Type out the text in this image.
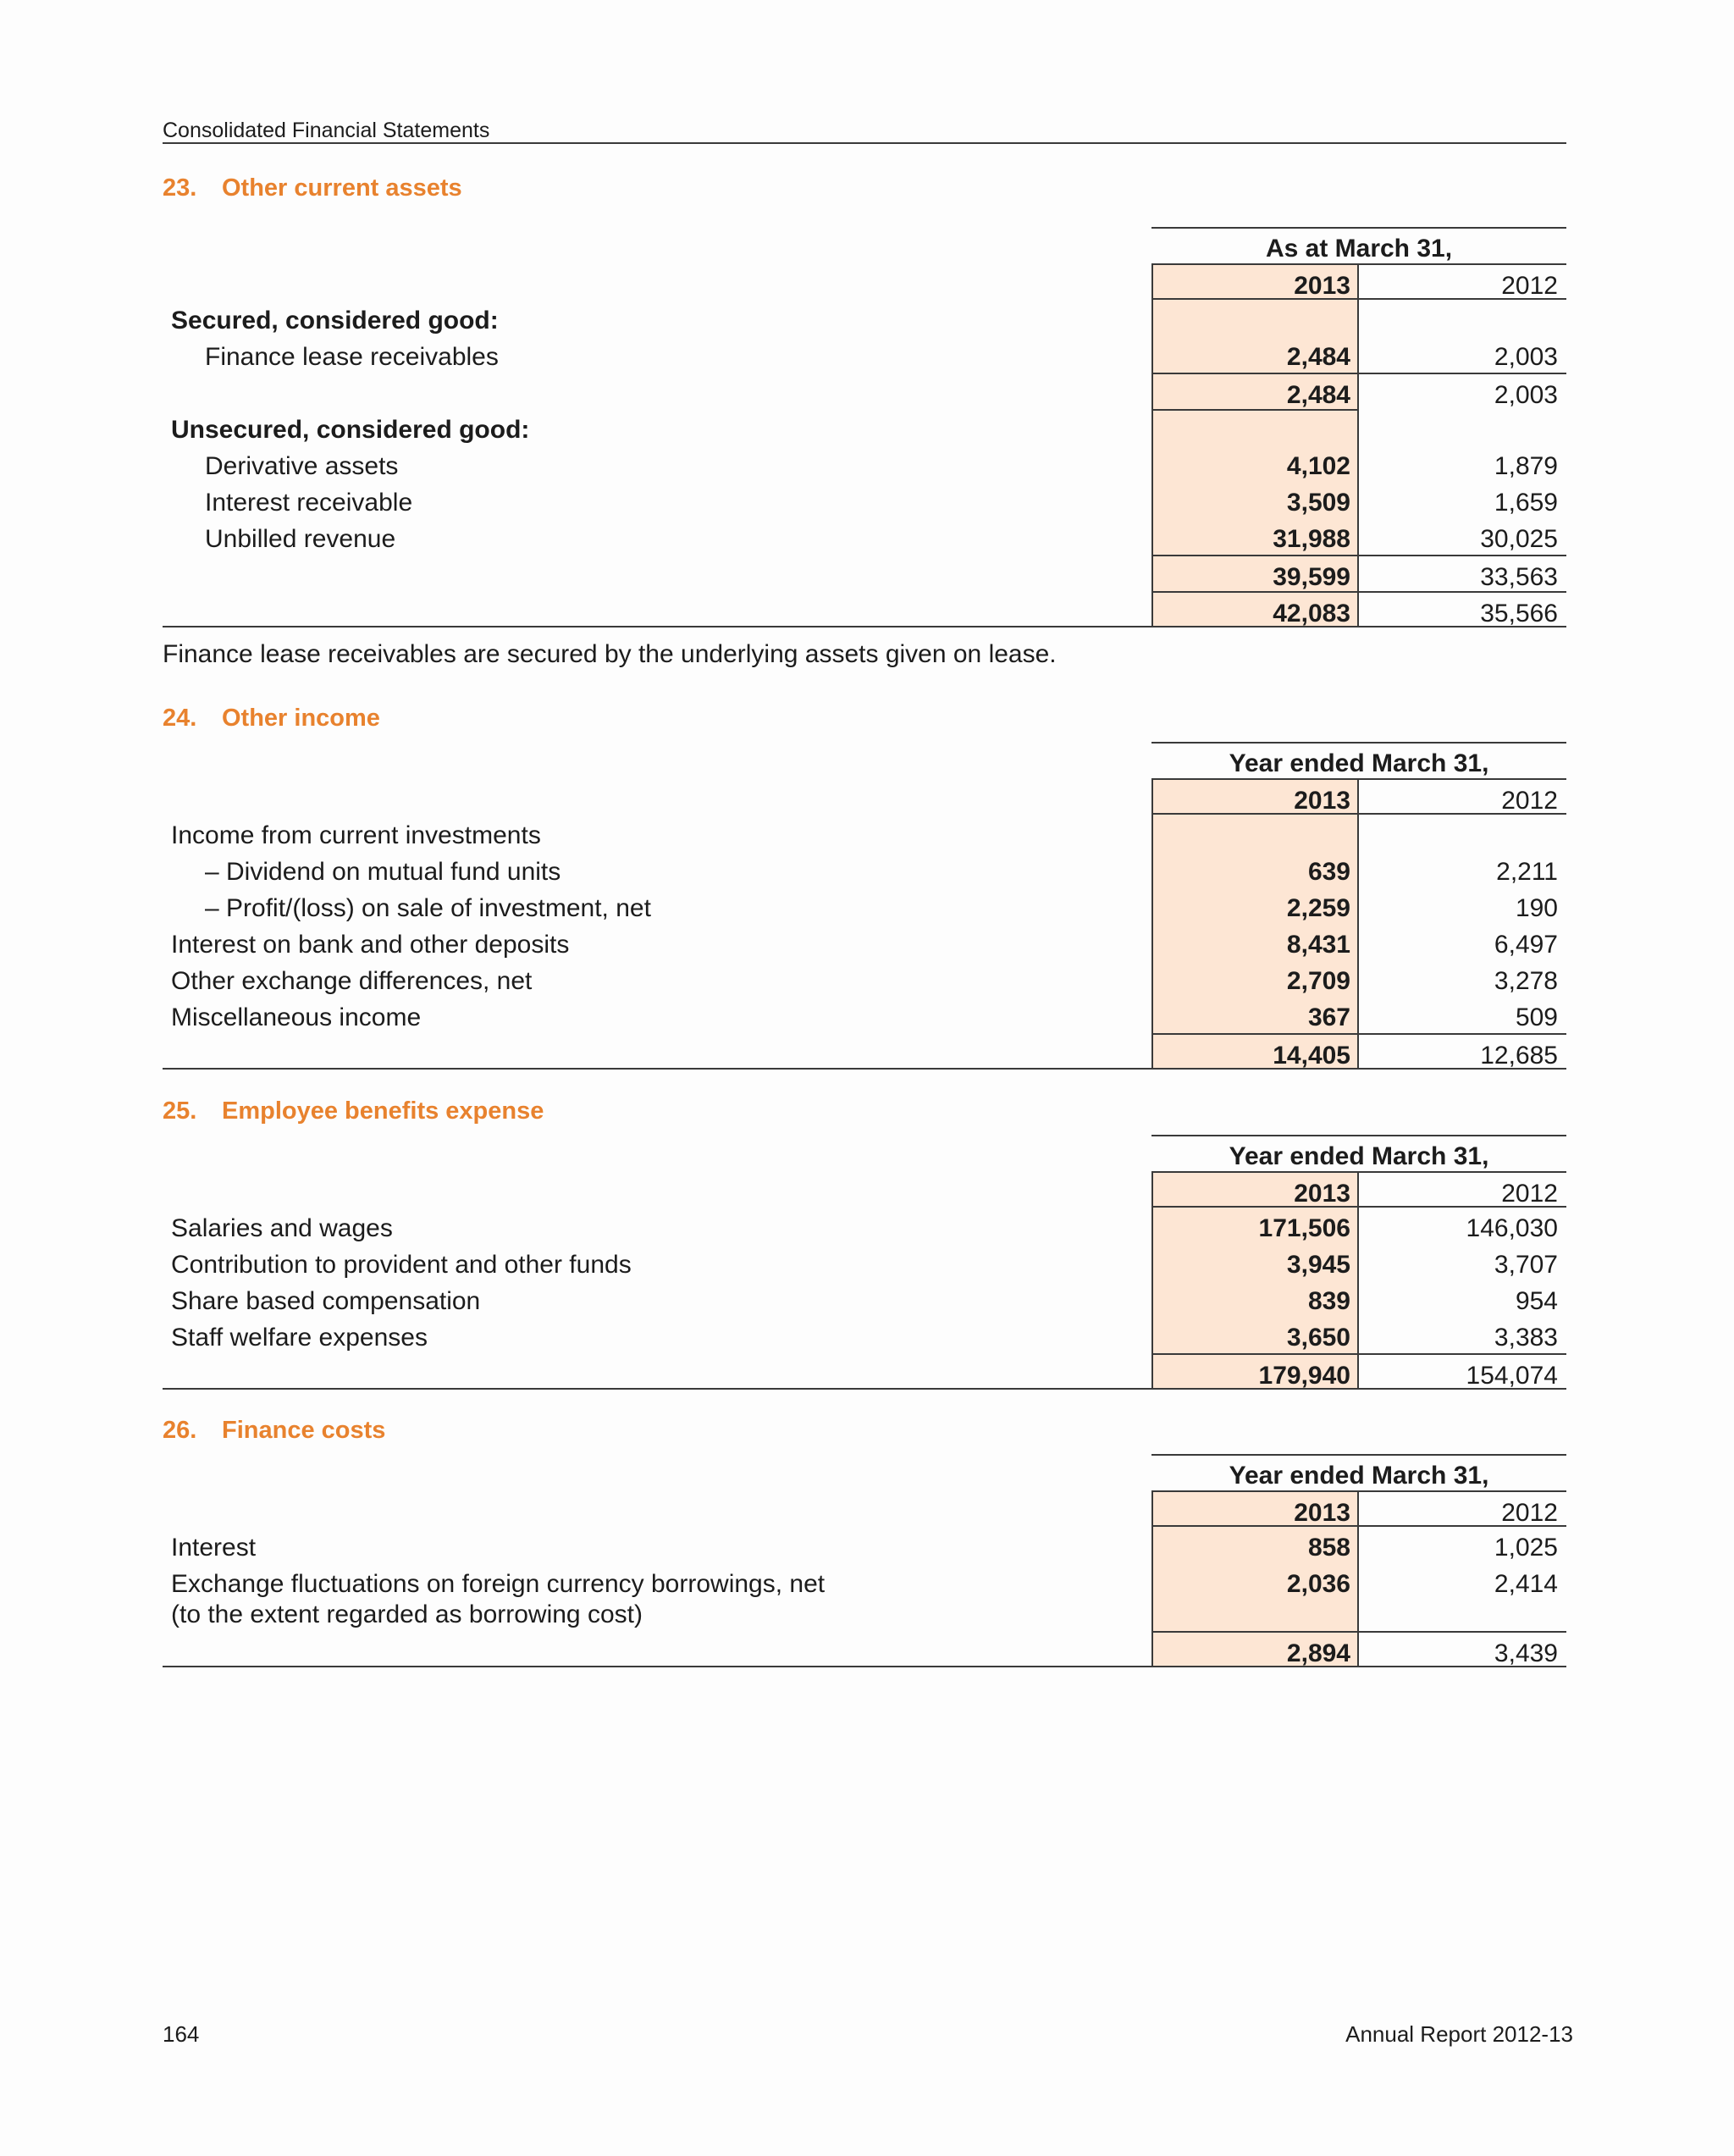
Consolidated Financial Statements
23. Other current assets
As at March 31,
2013	2012
Secured, considered good:
Finance lease receivables	2,484	2,003
2,484	2,003
Unsecured, considered good:
Derivative assets	4,102	1,879
Interest receivable	3,509	1,659
Unbilled revenue	31,988	30,025
39,599	33,563
42,083	35,566
Finance lease receivables are secured by the underlying assets given on lease.
24. Other income
Year ended March 31,
2013	2012
Income from current investments
– Dividend on mutual fund units	639	2,211
– Profit/(loss) on sale of investment, net	2,259	190
Interest on bank and other deposits	8,431	6,497
Other exchange differences, net	2,709	3,278
Miscellaneous income	367	509
14,405	12,685
25. Employee benefits expense
Year ended March 31,
2013	2012
Salaries and wages	171,506	146,030
Contribution to provident and other funds	3,945	3,707
Share based compensation	839	954
Staff welfare expenses	3,650	3,383
179,940	154,074
26. Finance costs
Year ended March 31,
2013	2012
Interest	858	1,025
Exchange fluctuations on foreign currency borrowings, net
(to the extent regarded as borrowing cost)
2,036	2,414
2,894	3,439
164	Annual Report 2012-13
